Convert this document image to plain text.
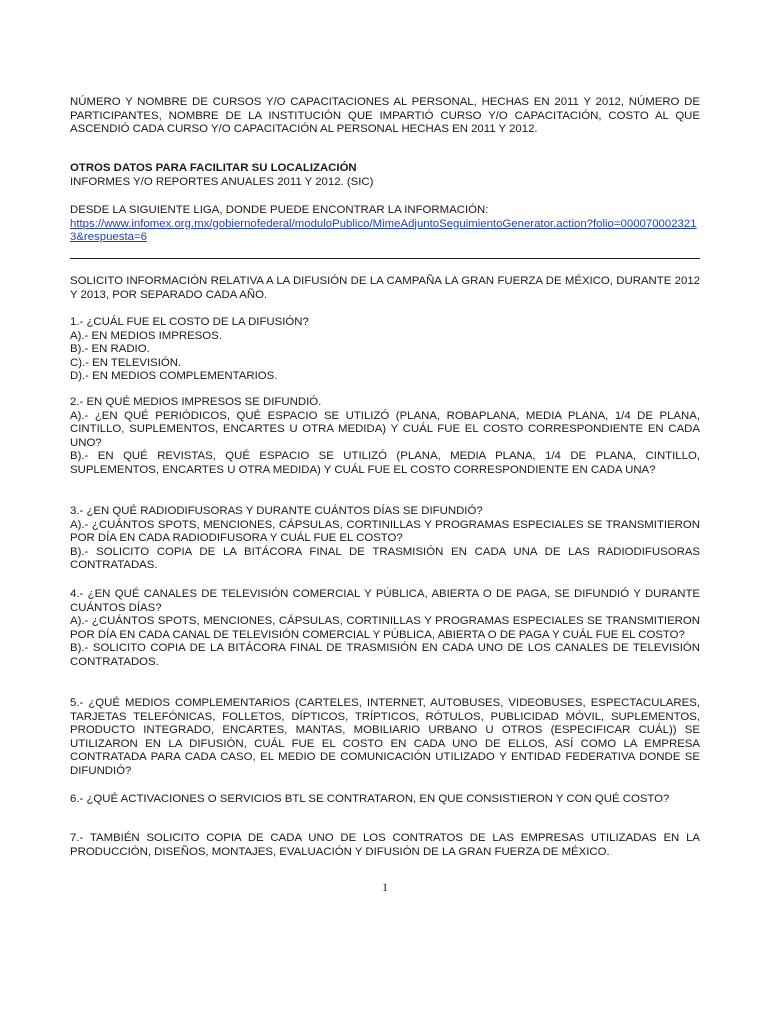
NÚMERO Y NOMBRE DE CURSOS Y/O CAPACITACIONES AL PERSONAL, HECHAS EN 2011 Y 2012, NÚMERO DE PARTICIPANTES, NOMBRE DE LA INSTITUCIÓN QUE IMPARTIÓ CURSO Y/O CAPACITACIÓN, COSTO AL QUE ASCENDIÓ CADA CURSO Y/O CAPACITACIÓN AL PERSONAL HECHAS EN 2011 Y 2012.

OTROS DATOS PARA FACILITAR SU LOCALIZACIÓN

INFORMES Y/O REPORTES ANUALES 2011 Y 2012. (SIC)

DESDE LA SIGUIENTE LIGA, DONDE PUEDE ENCONTRAR LA INFORMACIÓN:

https://www.infomex.org.mx/gobiernofederal/moduloPublico/MimeAdjuntoSeguimientoGenerator.action?folio=0000700023213&respuesta=6

SOLICITO INFORMACIÓN RELATIVA A LA DIFUSIÓN DE LA CAMPAÑA LA GRAN FUERZA DE MÉXICO, DURANTE 2012 Y 2013, POR SEPARADO CADA AÑO.

1.- ¿CUÁL FUE EL COSTO DE LA DIFUSIÓN?

A).- EN MEDIOS IMPRESOS.

B).- EN RADIO.

C).- EN TELEVISIÓN.

D).- EN MEDIOS COMPLEMENTARIOS.

2.- EN QUÉ MEDIOS IMPRESOS SE DIFUNDIÓ.

A).- ¿EN QUÉ PERIÓDICOS, QUÉ ESPACIO SE UTILIZÓ (PLANA, ROBAPLANA, MEDIA PLANA, 1/4 DE PLANA, CINTILLO, SUPLEMENTOS, ENCARTES U OTRA MEDIDA) Y CUÁL FUE EL COSTO CORRESPONDIENTE EN CADA UNO?

B).- EN QUÉ REVISTAS, QUÉ ESPACIO SE UTILIZÓ (PLANA, MEDIA PLANA, 1/4 DE PLANA, CINTILLO, SUPLEMENTOS, ENCARTES U OTRA MEDIDA) Y CUÁL FUE EL COSTO CORRESPONDIENTE EN CADA UNA?

3.- ¿EN QUÉ RADIODIFUSORAS Y DURANTE CUÁNTOS DÍAS SE DIFUNDIÓ?

A).- ¿CUÁNTOS SPOTS, MENCIONES, CÁPSULAS, CORTINILLAS Y PROGRAMAS ESPECIALES SE TRANSMITIERON POR DÍA EN CADA RADIODIFUSORA Y CUÁL FUE EL COSTO?

B).- SOLICITO COPIA DE LA BITÁCORA FINAL DE TRASMISIÓN EN CADA UNA DE LAS RADIODIFUSORAS CONTRATADAS.

4.- ¿EN QUÉ CANALES DE TELEVISIÓN COMERCIAL Y PÚBLICA, ABIERTA O DE PAGA, SE DIFUNDIÓ Y DURANTE CUÁNTOS DÍAS?

A).- ¿CUÁNTOS SPOTS, MENCIONES, CÁPSULAS, CORTINILLAS Y PROGRAMAS ESPECIALES SE TRANSMITIERON POR DÍA EN CADA CANAL DE TELEVISIÓN COMERCIAL Y PÚBLICA, ABIERTA O DE PAGA Y CUÁL FUE EL COSTO?

B).- SOLICITO COPIA DE LA BITÁCORA FINAL DE TRASMISIÓN EN CADA UNO DE LOS CANALES DE TELEVISIÓN CONTRATADOS.

5.- ¿QUÉ MEDIOS COMPLEMENTARIOS (CARTELES, INTERNET, AUTOBUSES, VIDEOBUSES, ESPECTACULARES, TARJETAS TELEFÓNICAS, FOLLETOS, DÍPTICOS, TRÍPTICOS, RÓTULOS, PUBLICIDAD MÓVIL, SUPLEMENTOS, PRODUCTO INTEGRADO, ENCARTES, MANTAS, MOBILIARIO URBANO U OTROS (ESPECIFICAR CUÁL)) SE UTILIZARON EN LA DIFUSIÓN, CUÁL FUE EL COSTO EN CADA UNO DE ELLOS, ASÍ COMO LA EMPRESA CONTRATADA PARA CADA CASO, EL MEDIO DE COMUNICACIÓN UTILIZADO Y ENTIDAD FEDERATIVA DONDE SE DIFUNDIÓ?

6.- ¿QUÉ ACTIVACIONES O SERVICIOS BTL SE CONTRATARON, EN QUE CONSISTIERON Y CON QUÉ COSTO?

7.- TAMBIÉN SOLICITO COPIA DE CADA UNO DE LOS CONTRATOS DE LAS EMPRESAS UTILIZADAS EN LA PRODUCCIÓN, DISEÑOS, MONTAJES, EVALUACIÓN Y DIFUSIÓN DE LA GRAN FUERZA DE MÉXICO.

1
